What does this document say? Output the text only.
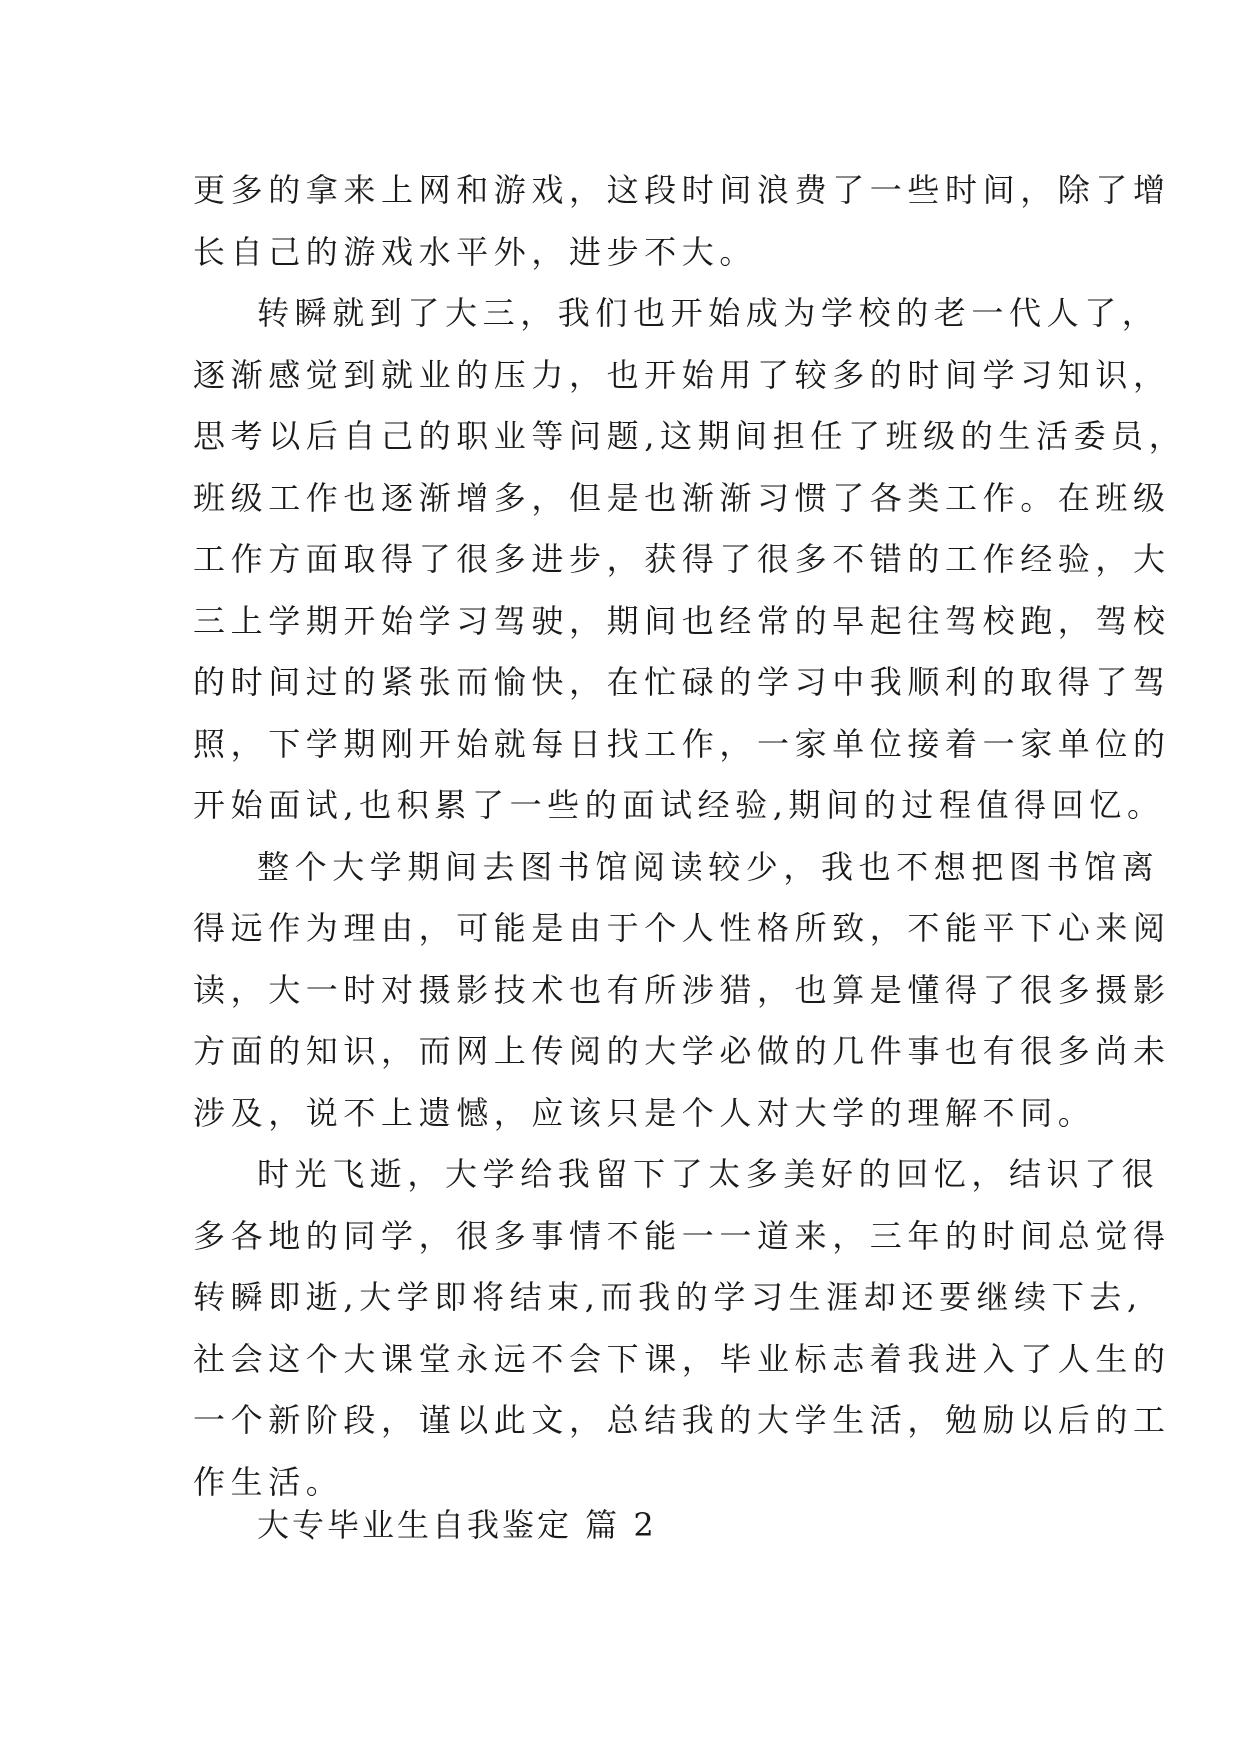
更多的拿来上网和游戏，这段时间浪费了一些时间，除了增
长自己的游戏水平外，进步不大。
转瞬就到了大三，我们也开始成为学校的老一代人了，
逐渐感觉到就业的压力，也开始用了较多的时间学习知识，
思考以后自己的职业等问题,这期间担任了班级的生活委员，
班级工作也逐渐增多，但是也渐渐习惯了各类工作。在班级
工作方面取得了很多进步，获得了很多不错的工作经验，大
三上学期开始学习驾驶，期间也经常的早起往驾校跑，驾校
的时间过的紧张而愉快，在忙碌的学习中我顺利的取得了驾
照，下学期刚开始就每日找工作，一家单位接着一家单位的
开始面试,也积累了一些的面试经验,期间的过程值得回忆。
整个大学期间去图书馆阅读较少，我也不想把图书馆离
得远作为理由，可能是由于个人性格所致，不能平下心来阅
读，大一时对摄影技术也有所涉猎，也算是懂得了很多摄影
方面的知识，而网上传阅的大学必做的几件事也有很多尚未
涉及，说不上遗憾，应该只是个人对大学的理解不同。
时光飞逝，大学给我留下了太多美好的回忆，结识了很
多各地的同学，很多事情不能一一道来，三年的时间总觉得
转瞬即逝,大学即将结束,而我的学习生涯却还要继续下去,
社会这个大课堂永远不会下课，毕业标志着我进入了人生的
一个新阶段，谨以此文，总结我的大学生活，勉励以后的工
作生活。
大专毕业生自我鉴定 篇 2
